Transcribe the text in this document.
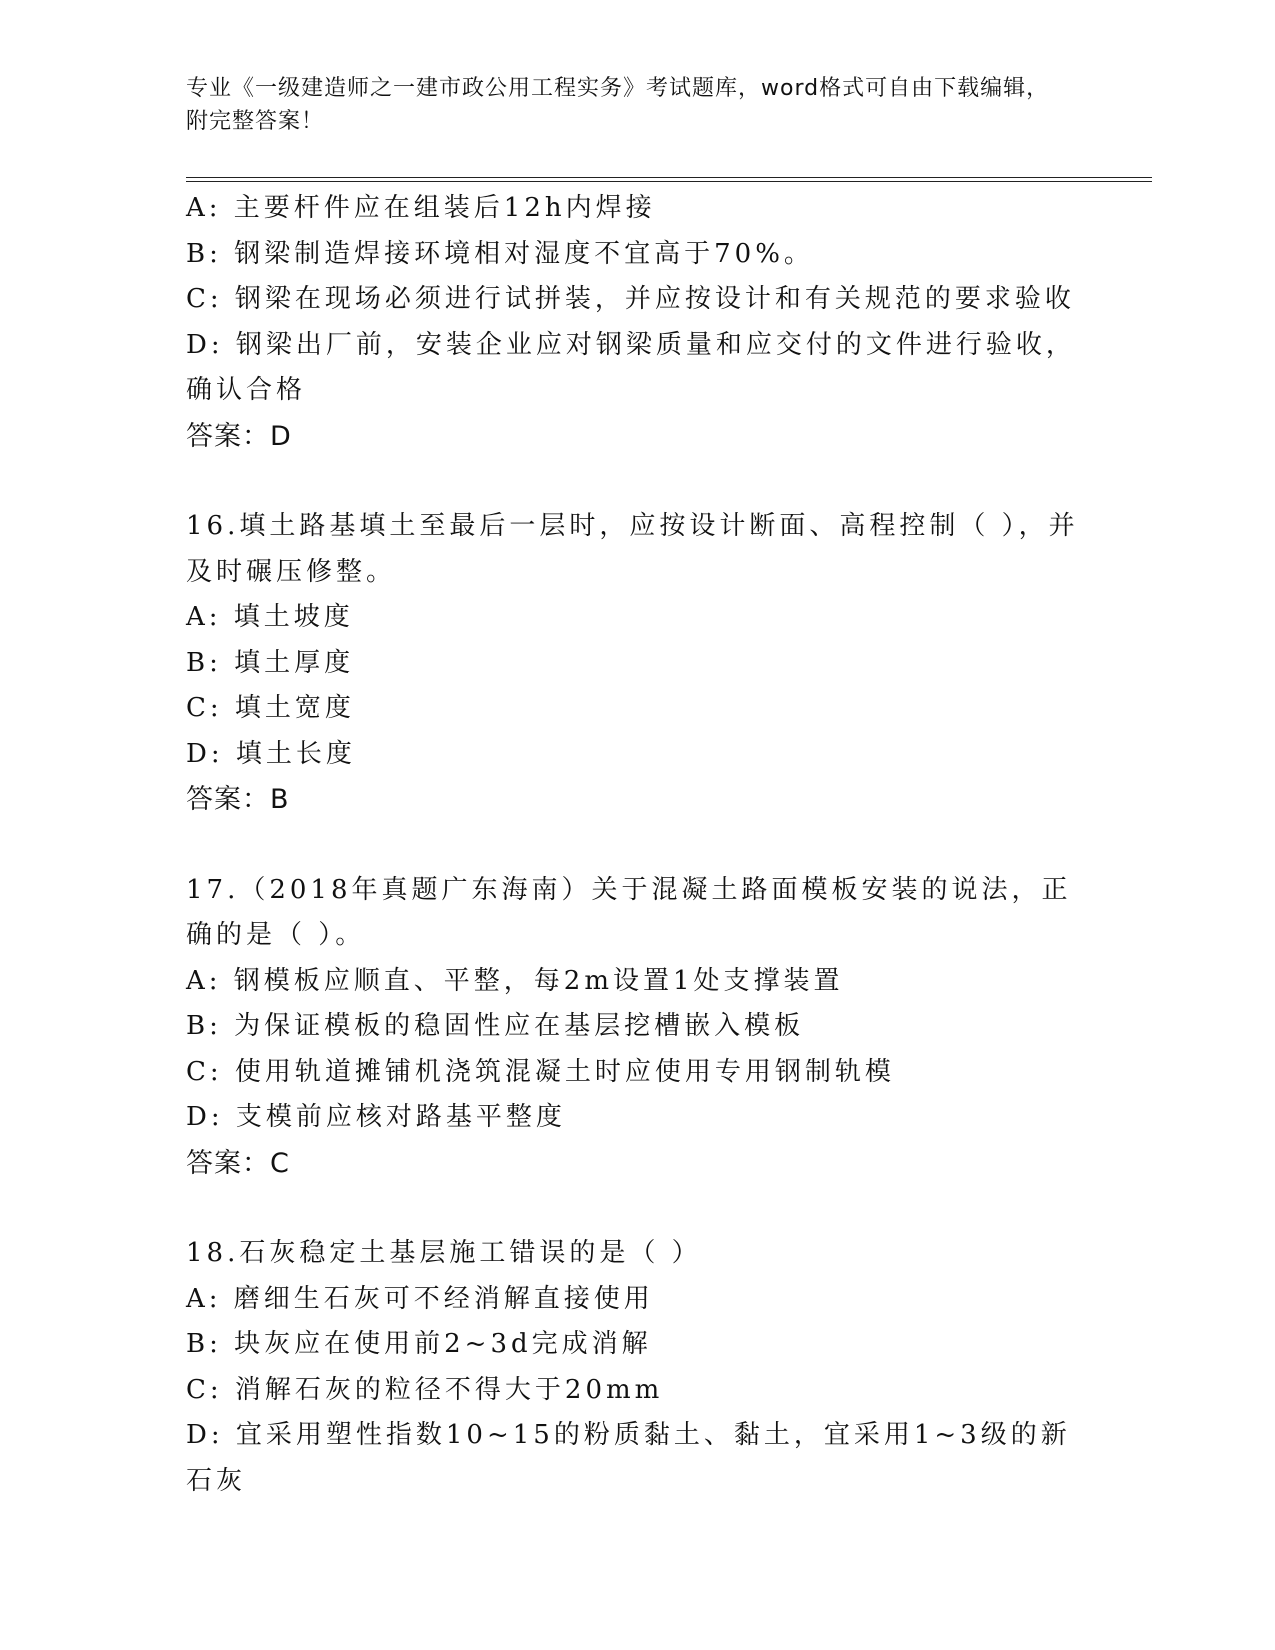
专业《一级建造师之一建市政公用工程实务》考试题库，word格式可自由下载编辑，附完整答案！
A: 主要杆件应在组装后12h内焊接
B: 钢梁制造焊接环境相对湿度不宜高于70%。
C: 钢梁在现场必须进行试拼装，并应按设计和有关规范的要求验收
D: 钢梁出厂前，安装企业应对钢梁质量和应交付的文件进行验收，确认合格
答案：D
16.填土路基填土至最后一层时，应按设计断面、高程控制（ ），并及时碾压修整。
A: 填土坡度
B: 填土厚度
C: 填土宽度
D: 填土长度
答案：B
17.（2018年真题广东海南）关于混凝土路面模板安装的说法，正确的是（ ）。
A: 钢模板应顺直、平整，每2m设置1处支撑装置
B: 为保证模板的稳固性应在基层挖槽嵌入模板
C: 使用轨道摊铺机浇筑混凝土时应使用专用钢制轨模
D: 支模前应核对路基平整度
答案：C
18.石灰稳定土基层施工错误的是（ ）
A: 磨细生石灰可不经消解直接使用
B: 块灰应在使用前2~3d完成消解
C: 消解石灰的粒径不得大于20mm
D: 宜采用塑性指数10~15的粉质黏土、黏土，宜采用1~3级的新石灰
